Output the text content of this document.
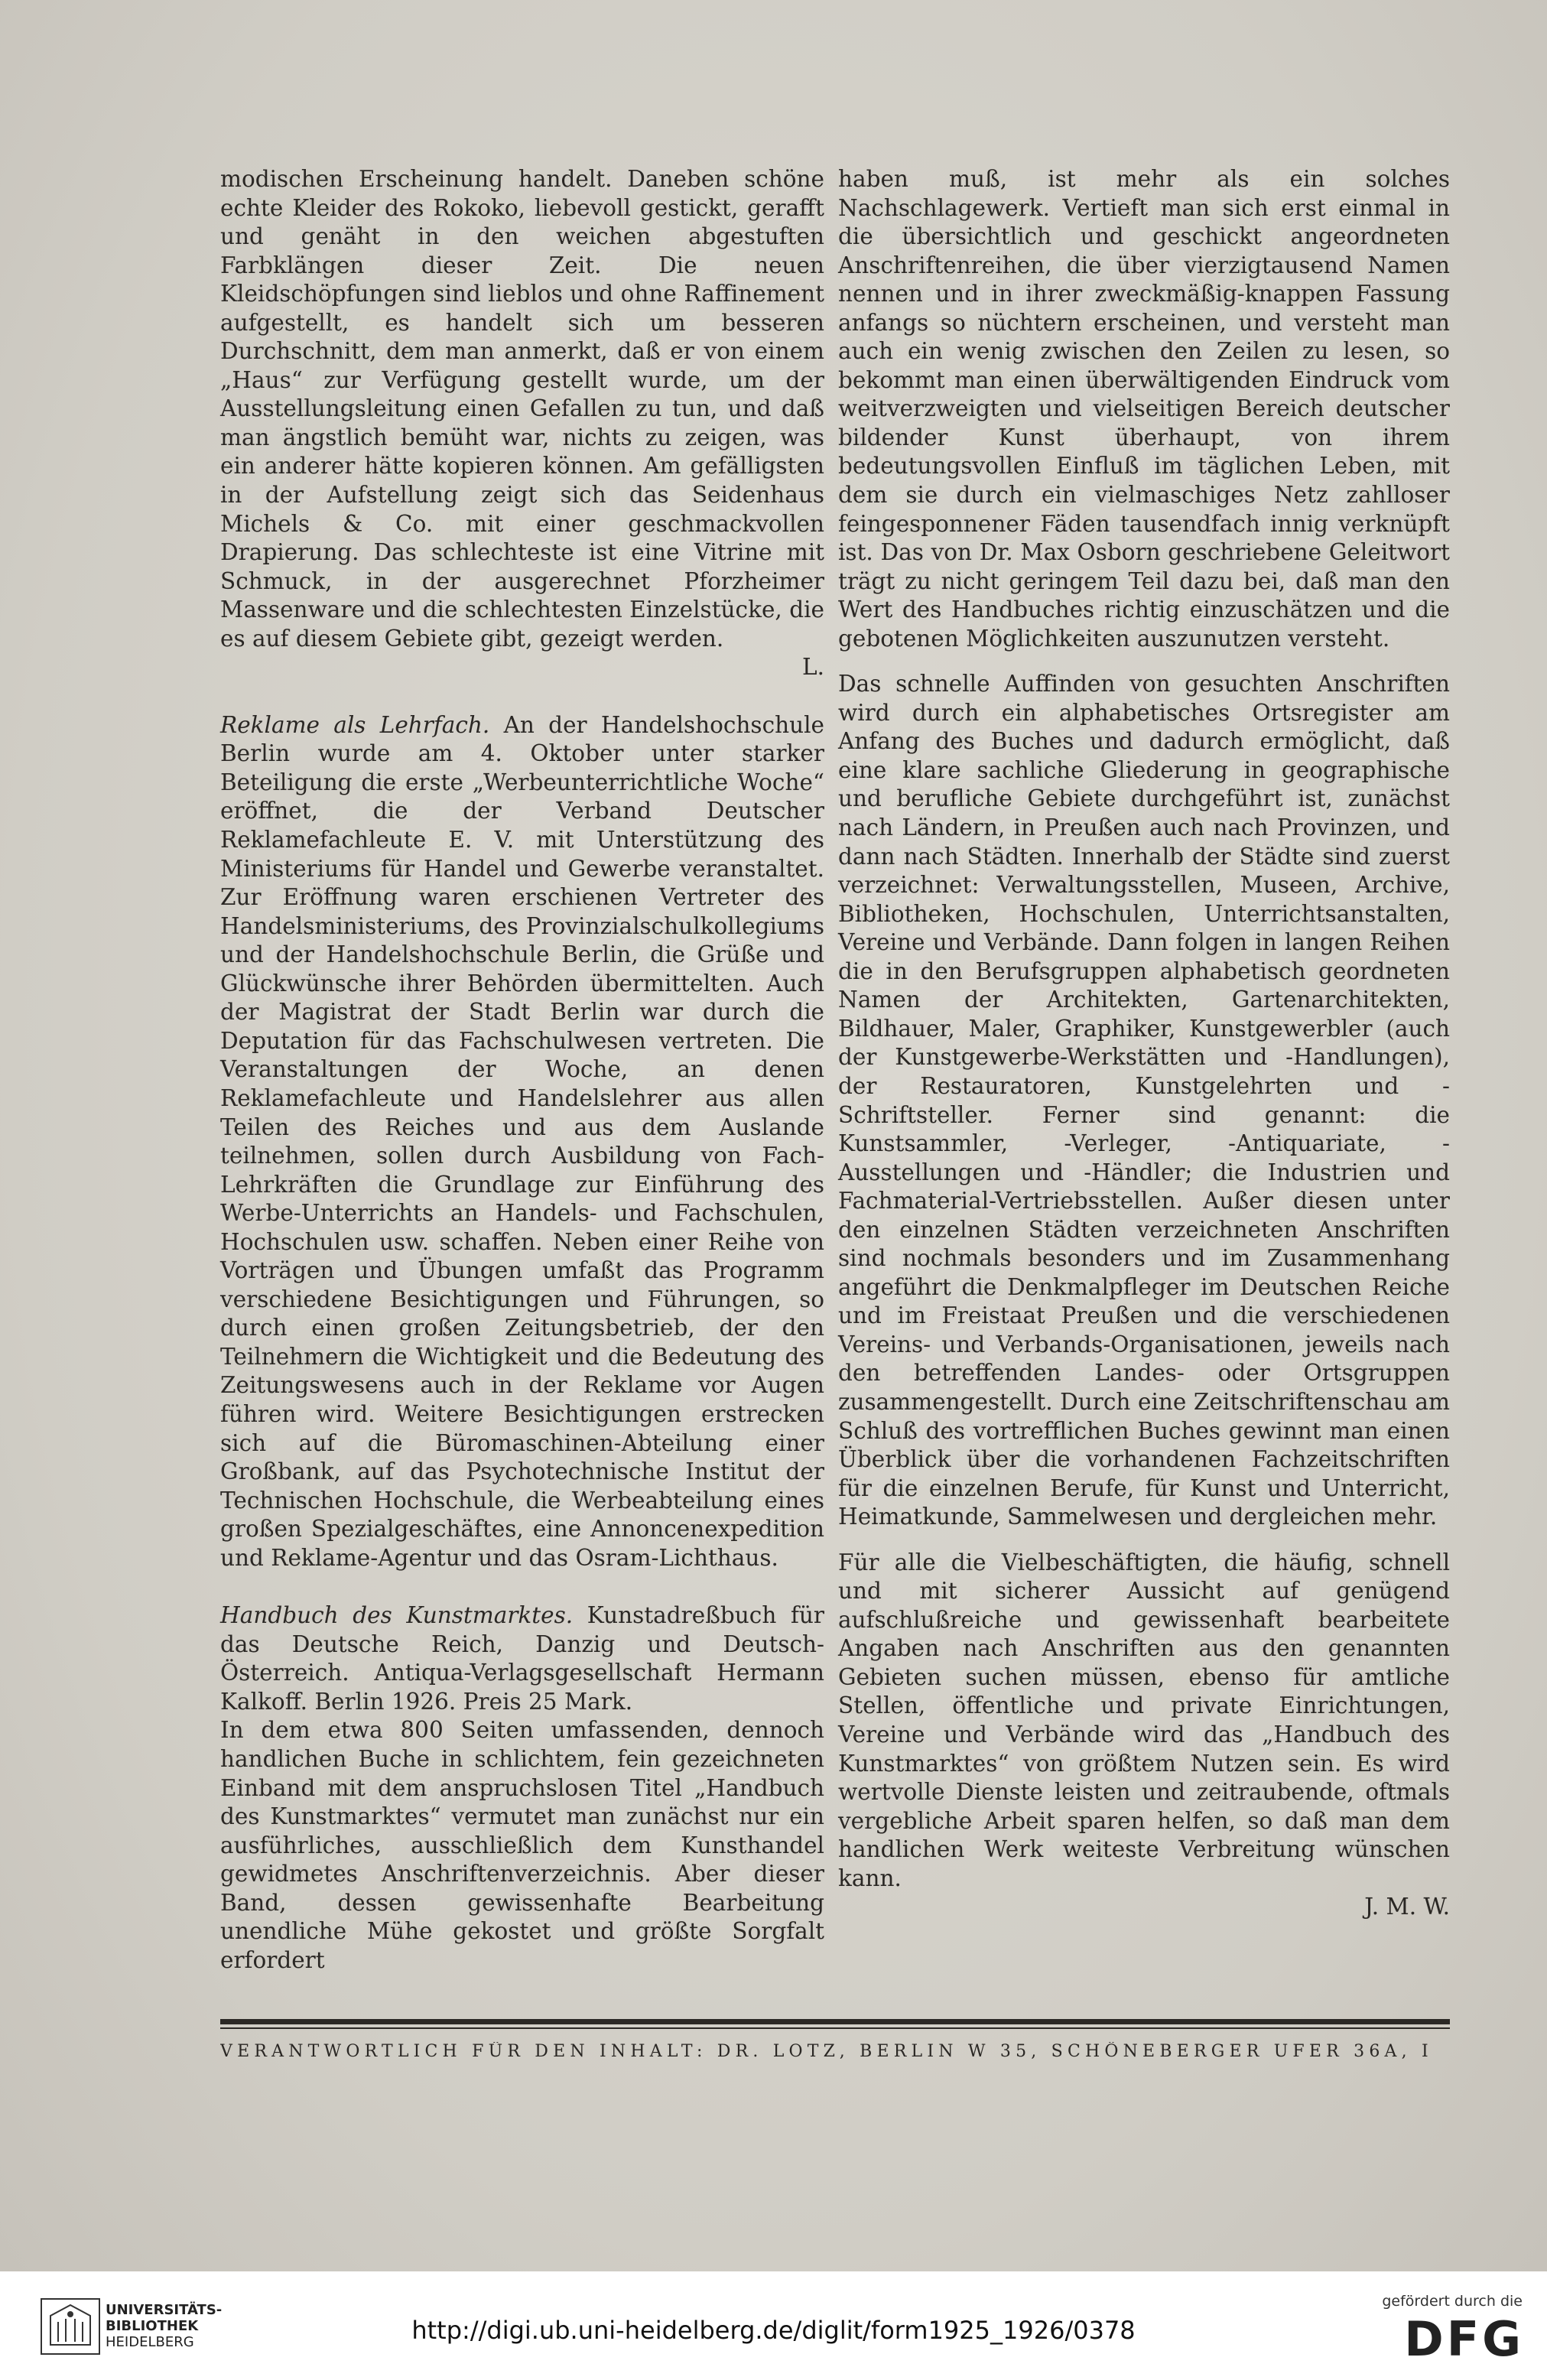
modischen Erscheinung handelt. Daneben schöne echte Kleider des Rokoko, liebevoll gestickt, gerafft und genäht in den weichen abgestuften Farbklängen dieser Zeit. Die neuen Kleidschöpfungen sind lieblos und ohne Raffinement aufgestellt, es handelt sich um besseren Durchschnitt, dem man anmerkt, daß er von einem „Haus“ zur Verfügung gestellt wurde, um der Ausstellungsleitung einen Gefallen zu tun, und daß man ängstlich bemüht war, nichts zu zeigen, was ein anderer hätte kopieren können. Am gefälligsten in der Aufstellung zeigt sich das Seidenhaus Michels & Co. mit einer geschmackvollen Drapierung. Das schlechteste ist eine Vitrine mit Schmuck, in der ausgerechnet Pforzheimer Massenware und die schlechtesten Einzelstücke, die es auf diesem Gebiete gibt, gezeigt werden.

L.

Reklame als Lehrfach. An der Handelshochschule Berlin wurde am 4. Oktober unter starker Beteiligung die erste „Werbeunterrichtliche Woche“ eröffnet, die der Verband Deutscher Reklamefachleute E. V. mit Unterstützung des Ministeriums für Handel und Gewerbe veranstaltet. Zur Eröffnung waren erschienen Vertreter des Handelsministeriums, des Provinzialschulkollegiums und der Handelshochschule Berlin, die Grüße und Glückwünsche ihrer Behörden übermittelten. Auch der Magistrat der Stadt Berlin war durch die Deputation für das Fachschulwesen vertreten. Die Veranstaltungen der Woche, an denen Reklamefachleute und Handelslehrer aus allen Teilen des Reiches und aus dem Auslande teilnehmen, sollen durch Ausbildung von Fach-Lehrkräften die Grundlage zur Einführung des Werbe-Unterrichts an Handels- und Fachschulen, Hochschulen usw. schaffen. Neben einer Reihe von Vorträgen und Übungen umfaßt das Programm verschiedene Besichtigungen und Führungen, so durch einen großen Zeitungsbetrieb, der den Teilnehmern die Wichtigkeit und die Bedeutung des Zeitungswesens auch in der Reklame vor Augen führen wird. Weitere Besichtigungen erstrecken sich auf die Büromaschinen-Abteilung einer Großbank, auf das Psychotechnische Institut der Technischen Hochschule, die Werbeabteilung eines großen Spezialgeschäftes, eine Annoncenexpedition und Reklame-Agentur und das Osram-Lichthaus.

Handbuch des Kunstmarktes. Kunstadreßbuch für das Deutsche Reich, Danzig und Deutsch-Österreich. Antiqua-Verlagsgesellschaft Hermann Kalkoff. Berlin 1926. Preis 25 Mark.

In dem etwa 800 Seiten umfassenden, dennoch handlichen Buche in schlichtem, fein gezeichneten Einband mit dem anspruchslosen Titel „Handbuch des Kunstmarktes“ vermutet man zunächst nur ein ausführliches, ausschließlich dem Kunsthandel gewidmetes Anschriftenverzeichnis. Aber dieser Band, dessen gewissenhafte Bearbeitung unendliche Mühe gekostet und größte Sorgfalt erfordert

haben muß, ist mehr als ein solches Nachschlagewerk. Vertieft man sich erst einmal in die übersichtlich und geschickt angeordneten Anschriftenreihen, die über vierzigtausend Namen nennen und in ihrer zweckmäßig-knappen Fassung anfangs so nüchtern erscheinen, und versteht man auch ein wenig zwischen den Zeilen zu lesen, so bekommt man einen überwältigenden Eindruck vom weitverzweigten und vielseitigen Bereich deutscher bildender Kunst überhaupt, von ihrem bedeutungsvollen Einfluß im täglichen Leben, mit dem sie durch ein vielmaschiges Netz zahlloser feingesponnener Fäden tausendfach innig verknüpft ist. Das von Dr. Max Osborn geschriebene Geleitwort trägt zu nicht geringem Teil dazu bei, daß man den Wert des Handbuches richtig einzuschätzen und die gebotenen Möglichkeiten auszunutzen versteht.

Das schnelle Auffinden von gesuchten Anschriften wird durch ein alphabetisches Ortsregister am Anfang des Buches und dadurch ermöglicht, daß eine klare sachliche Gliederung in geographische und berufliche Gebiete durchgeführt ist, zunächst nach Ländern, in Preußen auch nach Provinzen, und dann nach Städten. Innerhalb der Städte sind zuerst verzeichnet: Verwaltungsstellen, Museen, Archive, Bibliotheken, Hochschulen, Unterrichtsanstalten, Vereine und Verbände. Dann folgen in langen Reihen die in den Berufsgruppen alphabetisch geordneten Namen der Architekten, Gartenarchitekten, Bildhauer, Maler, Graphiker, Kunstgewerbler (auch der Kunstgewerbe-Werkstätten und -Handlungen), der Restauratoren, Kunstgelehrten und -Schriftsteller. Ferner sind genannt: die Kunstsammler, -Verleger, -Antiquariate, -Ausstellungen und -Händler; die Industrien und Fachmaterial-Vertriebsstellen. Außer diesen unter den einzelnen Städten verzeichneten Anschriften sind nochmals besonders und im Zusammenhang angeführt die Denkmalpfleger im Deutschen Reiche und im Freistaat Preußen und die verschiedenen Vereins- und Verbands-Organisationen, jeweils nach den betreffenden Landes- oder Ortsgruppen zusammengestellt. Durch eine Zeitschriftenschau am Schluß des vortrefflichen Buches gewinnt man einen Überblick über die vorhandenen Fachzeitschriften für die einzelnen Berufe, für Kunst und Unterricht, Heimatkunde, Sammelwesen und dergleichen mehr.

Für alle die Vielbeschäftigten, die häufig, schnell und mit sicherer Aussicht auf genügend aufschlußreiche und gewissenhaft bearbeitete Angaben nach Anschriften aus den genannten Gebieten suchen müssen, ebenso für amtliche Stellen, öffentliche und private Einrichtungen, Vereine und Verbände wird das „Handbuch des Kunstmarktes“ von größtem Nutzen sein. Es wird wertvolle Dienste leisten und zeitraubende, oftmals vergebliche Arbeit sparen helfen, so daß man dem handlichen Werk weiteste Verbreitung wünschen kann.

J. M. W.
VERANTWORTLICH FÜR DEN INHALT: DR. LOTZ, BERLIN W 35, SCHÖNEBERGER UFER 36A, I
UNIVERSITÄTS-
BIBLIOTHEK
HEIDELBERG	http://digi.ub.uni-heidelberg.de/diglit/form1925_1926/0378
gefördert durch die
DFG
